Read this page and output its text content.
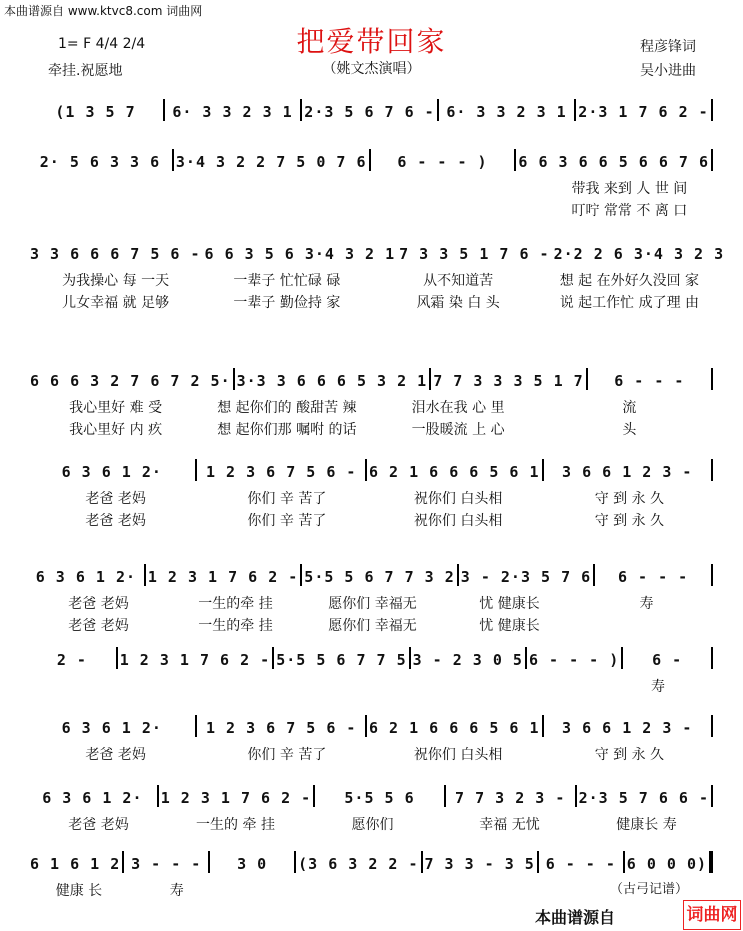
本曲谱源自 www.ktvc8.com 词曲网
把爱带回家
（姚文杰演唱）
1= F 4/4 2/4
牵挂.祝愿地
程彦锋词
吴小进曲
(1 3 5 7	6· 3 3 2 3 1 2·3 5 6 7 6 - 6· 3 3 2 3 1 2·3 1 7 6 2 -
2· 5 6 3 3 6	3·4 3 2 2 7 5 0 7 6	6 - - - )	6 6 3 6 6 5 6 6 7 6
带我 来到 人 世 间
叮咛 常常 不 离 口
3 3 6 6 6 7 5 6 - 6 6 3 5 6 3·4 3 2 1 7 3 3 5 1 7 6 - 2·2 2 6 3·4 3 2 3
为我操心 每 一天	一辈子 忙忙碌 碌	从不知道苦	想 起 在外好久没回 家
儿女幸福 就 足够	一辈子 勤俭持 家	风霜 染 白 头	说 起工作忙 成了理 由
6 6 6 3 2 7 6 7 2 5· 3·3 3 6 6 6 5 3 2 1 7 7 3 3 3 5 1 7	6 - - -
我心里好 难 受	想 起你们的 酸甜苦 辣	泪水在我 心 里	流
我心里好 内 疚	想 起你们那 嘱咐 的话	一股暖流 上 心	头
6 3 6 1 2·	1 2 3 6 7 5 6 - 6 2 1 6 6 6 5 6 1	3 6 6 1 2 3 -
老爸 老妈	你们 辛 苦了	祝你们 白头相	守 到 永 久
老爸 老妈	你们 辛 苦了	祝你们 白头相	守 到 永 久
6 3 6 1 2· 1 2 3 1 7 6 2 - 5·5 5 6 7 7 3 2 3 - 2·3 5 7 6	6 - - -
老爸 老妈	一生的牵 挂	愿你们 幸福无	忧 健康长	寿
老爸 老妈	一生的牵 挂	愿你们 幸福无	忧 健康长
2 -	1 2 3 1 7 6 2 - 5·5 5 6 7 7 5 3 - 2 3 0 5 6 - - - )	6 -
寿
6 3 6 1 2·	1 2 3 6 7 5 6 - 6 2 1 6 6 6 5 6 1	3 6 6 1 2 3 -
老爸 老妈	你们 辛 苦了	祝你们 白头相	守 到 永 久
6 3 6 1 2·	1 2 3 1 7 6 2 -	5·5 5 6	7 7 3 2 3 - 2·3 5 7 6 6 -
老爸 老妈	一生的 牵 挂	愿你们	幸福 无忧	健康长 寿
6 1 6 1 2 3 - - -	3 0	(3 6 3 2 2 - 7 3 3 - 3 5 6 - - - 6 0 0 0)
健康 长	寿	（古弓记谱）
本曲谱源自	词曲网
